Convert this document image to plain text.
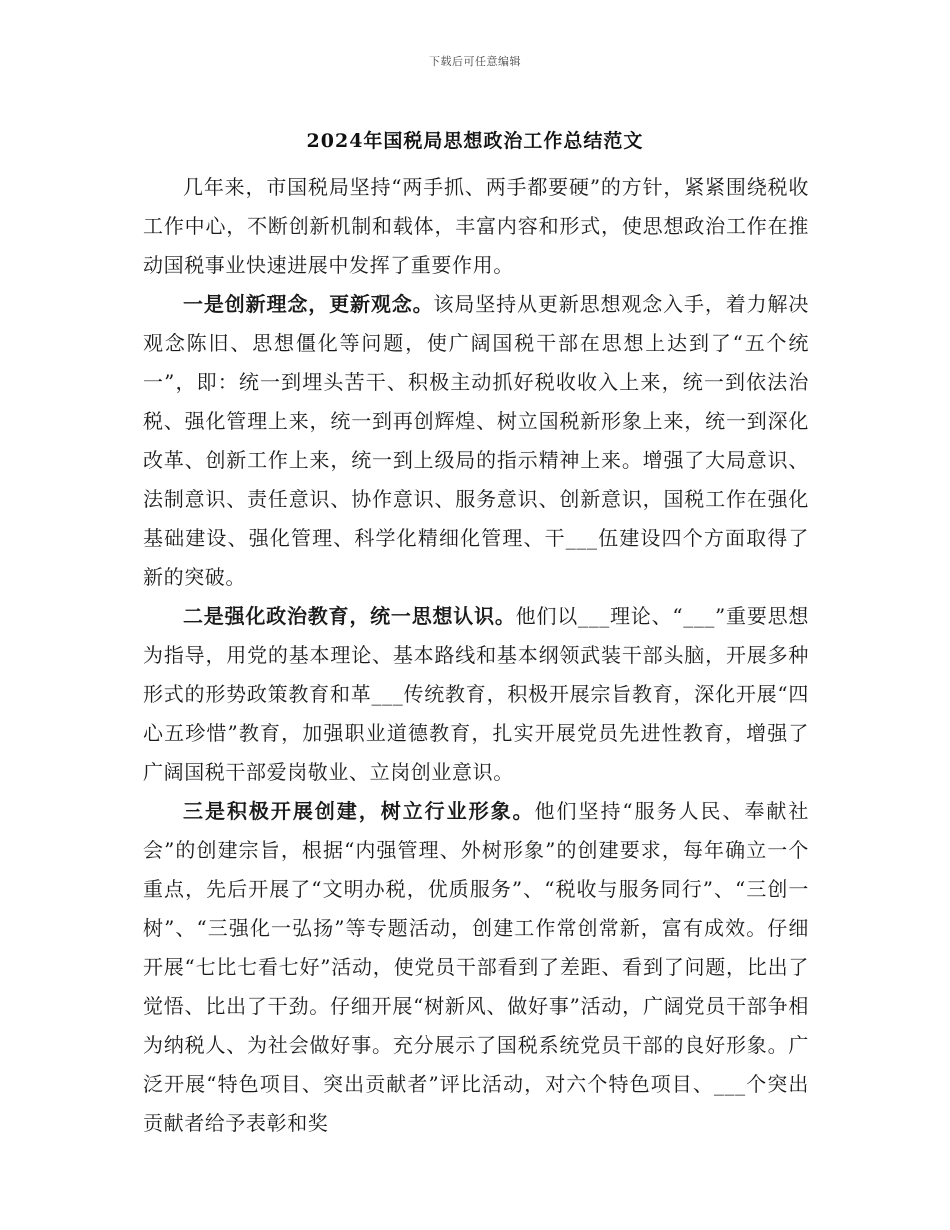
下载后可任意编辑
2024年国税局思想政治工作总结范文

几年来，市国税局坚持“两手抓、两手都要硬”的方针，紧紧围绕税收工作中心，不断创新机制和载体，丰富内容和形式，使思想政治工作在推动国税事业快速进展中发挥了重要作用。

一是创新理念，更新观念。该局坚持从更新思想观念入手，着力解决观念陈旧、思想僵化等问题，使广阔国税干部在思想上达到了“五个统一”，即：统一到埋头苦干、积极主动抓好税收收入上来，统一到依法治税、强化管理上来，统一到再创辉煌、树立国税新形象上来，统一到深化改革、创新工作上来，统一到上级局的指示精神上来。增强了大局意识、法制意识、责任意识、协作意识、服务意识、创新意识，国税工作在强化基础建设、强化管理、科学化精细化管理、干___伍建设四个方面取得了新的突破。

二是强化政治教育，统一思想认识。他们以___理论、“___”重要思想为指导，用党的基本理论、基本路线和基本纲领武装干部头脑，开展多种形式的形势政策教育和革___传统教育，积极开展宗旨教育，深化开展“四心五珍惜”教育，加强职业道德教育，扎实开展党员先进性教育，增强了广阔国税干部爱岗敬业、立岗创业意识。

三是积极开展创建，树立行业形象。他们坚持“服务人民、奉献社会”的创建宗旨，根据“内强管理、外树形象”的创建要求，每年确立一个重点，先后开展了“文明办税，优质服务”、“税收与服务同行”、“三创一树”、“三强化一弘扬”等专题活动，创建工作常创常新，富有成效。仔细开展“七比七看七好”活动，使党员干部看到了差距、看到了问题，比出了觉悟、比出了干劲。仔细开展“树新风、做好事”活动，广阔党员干部争相为纳税人、为社会做好事。充分展示了国税系统党员干部的良好形象。广泛开展“特色项目、突出贡献者”评比活动，对六个特色项目、___个突出贡献者给予表彰和奖
